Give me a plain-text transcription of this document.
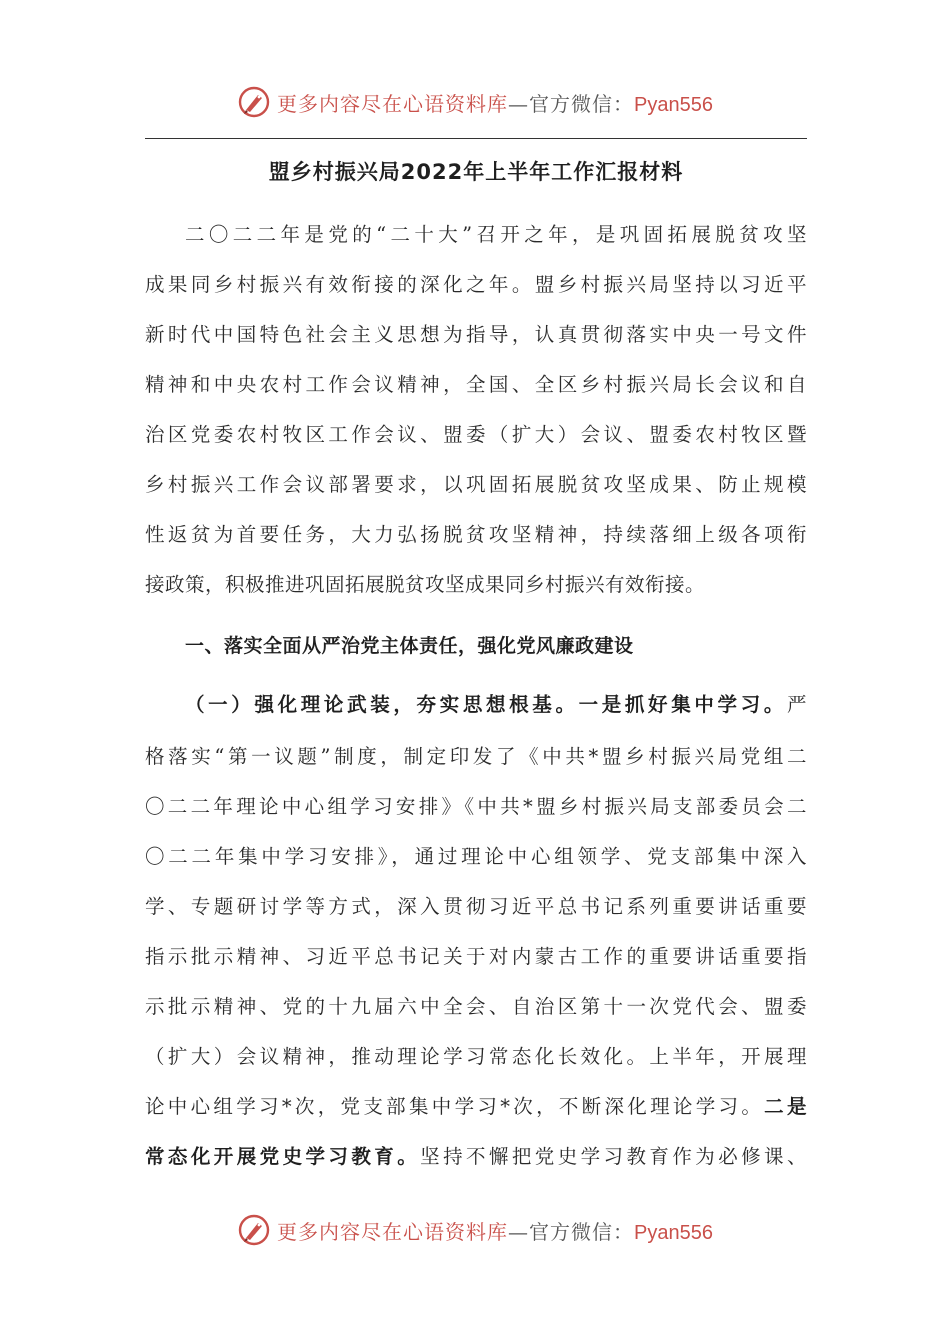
更多内容尽在心语资料库—官方微信：Pyan556
盟乡村振兴局2022年上半年工作汇报材料
二〇二二年是党的“二十大”召开之年，是巩固拓展脱贫攻坚
成果同乡村振兴有效衔接的深化之年。盟乡村振兴局坚持以习近平
新时代中国特色社会主义思想为指导，认真贯彻落实中央一号文件
精神和中央农村工作会议精神，全国、全区乡村振兴局长会议和自
治区党委农村牧区工作会议、盟委（扩大）会议、盟委农村牧区暨
乡村振兴工作会议部署要求，以巩固拓展脱贫攻坚成果、防止规模
性返贫为首要任务，大力弘扬脱贫攻坚精神，持续落细上级各项衔
接政策，积极推进巩固拓展脱贫攻坚成果同乡村振兴有效衔接。
一、落实全面从严治党主体责任，强化党风廉政建设
（一）强化理论武装，夯实思想根基。一是抓好集中学习。严
格落实“第一议题”制度，制定印发了《中共*盟乡村振兴局党组二
〇二二年理论中心组学习安排》《中共*盟乡村振兴局支部委员会二
〇二二年集中学习安排》，通过理论中心组领学、党支部集中深入
学、专题研讨学等方式，深入贯彻习近平总书记系列重要讲话重要
指示批示精神、习近平总书记关于对内蒙古工作的重要讲话重要指
示批示精神、党的十九届六中全会、自治区第十一次党代会、盟委
（扩大）会议精神，推动理论学习常态化长效化。上半年，开展理
论中心组学习*次，党支部集中学习*次，不断深化理论学习。二是
常态化开展党史学习教育。坚持不懈把党史学习教育作为必修课、
更多内容尽在心语资料库—官方微信：Pyan556
